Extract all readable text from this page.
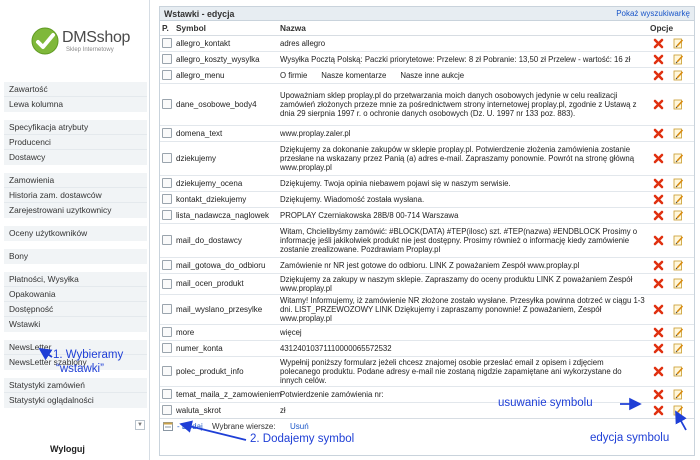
DMSshop
Sklep Internetowy
Zawartość
Lewa kolumna
Specyfikacja atrybuty
Producenci
Dostawcy
Zamowienia
Historia zam. dostawców
Zarejestrowani uzytkownicy
Oceny użytkowników
Bony
Płatności, Wysyłka
Opakowania
Dostępność
Wstawki
NewsLetter
NewsLetter szablony
Statystyki zamówień
Statystyki oglądalności
▼
Wyloguj
Wstawki - edycja	Pokaż wyszukiwarkę
P.	Symbol	Nazwa	Opcje
	allegro_kontakt	adres allegro	
	allegro_koszty_wysylka	Wysyłka Pocztą Polską: Paczki priorytetowe: Przelew: 8 zł Pobranie: 13,50 zł Przelew - wartość: 16 zł	
	allegro_menu	O firmie Nasze komentarze Nasze inne aukcje	
	dane_osobowe_body4	Upoważniam sklep proplay.pl do przetwarzania moich danych osobowych jedynie w celu realizacji zamówień złożonych przeze mnie za pośrednictwem strony internetowej proplay.pl, zgodnie z Ustawą z dnia 29 sierpnia 1997 r. o ochronie danych osobowych (Dz. U. 1997 nr 133 poz. 883).	
	domena_text	www.proplay.zaler.pl	
	dziekujemy	Dziękujemy za dokonanie zakupów w sklepie proplay.pl. Potwierdzenie złożenia zamówienia zostanie przesłane na wskazany przez Panią (a) adres e-mail. Zapraszamy ponownie. Powrót na stronę główną www.proplay.pl	
	dziekujemy_ocena	Dziękujemy. Twoja opinia niebawem pojawi się w naszym serwisie.	
	kontakt_dziekujemy	Dziękujemy. Wiadomość została wysłana.	
	lista_nadawcza_naglowek	PROPLAY Czerniakowska 28B/8 00-714 Warszawa	
	mail_do_dostawcy	Witam, Chcielibyśmy zamówić: #BLOCK(DATA) #TEP(ilosc) szt. #TEP(nazwa) #ENDBLOCK Prosimy o informację jeśli jakikolwiek produkt nie jest dostępny. Prosimy również o informację kiedy zamówienie zostanie zrealizowane. Pozdrawiam Proplay.pl	
	mail_gotowa_do_odbioru	Zamówienie nr NR jest gotowe do odbioru. LINK Z poważaniem Zespół www.proplay.pl	
	mail_ocen_produkt	Dziękujemy za zakupy w naszym sklepie. Zapraszamy do oceny produktu LINK Z poważaniem Zespół www.proplay.pl	
	mail_wyslano_przesylke	Witamy! Informujemy, iż zamówienie NR złożone zostało wysłane. Przesyłka powinna dotrzeć w ciągu 1-3 dni. LIST_PRZEWOZOWY LINK Dziękujemy i zapraszamy ponownie! Z poważaniem, Zespół www.proplay.pl	
	more	więcej	
	numer_konta	43124010371110000065572532	
	polec_produkt_info	Wypełnij poniższy formularz jeżeli chcesz znajomej osobie przesłać email z opisem i zdjęciem polecanego produktu. Podane adresy e-mail nie zostaną nigdzie zapamiętane ani wykorzystane do innych celów.	
	temat_maila_z_zamowieniem	Potwierdzenie zamówienia nr:	
	waluta_skrot	zł	
- Dodaj Wybrane wiersze: Usuń
1. Wybieramy
“wstawki”
2. Dodajemy symbol
usuwanie symbolu
edycja symbolu
